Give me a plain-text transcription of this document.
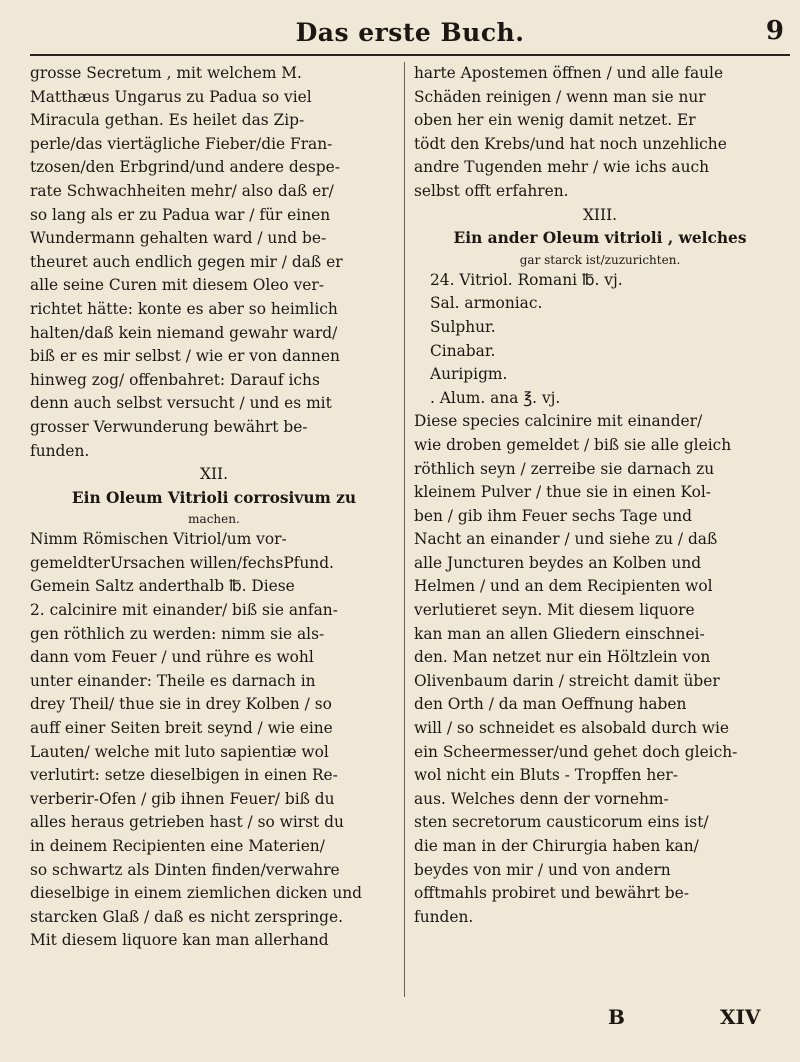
Das erste Buch.	9
grosse Secretum , mit welchem M.
Matthæus Ungarus zu Padua so viel
Miracula gethan. Es heilet das Zip-
perle/das viertägliche Fieber/die Fran-
tzosen/den Erbgrind/und andere despe-
rate Schwachheiten mehr/ also daß er/
so lang als er zu Padua war / für einen
Wundermann gehalten ward / und be-
theuret auch endlich gegen mir / daß er
alle seine Curen mit diesem Oleo ver-
richtet hätte: konte es aber so heimlich
halten/daß kein niemand gewahr ward/
biß er es mir selbst / wie er von dannen
hinweg zog/ offenbahret: Darauf ichs
denn auch selbst versucht / und es mit
grosser Verwunderung bewährt be-
funden.
XII.
Ein Oleum Vitrioli corrosivum zu
machen.
Nimm Römischen Vitriol/um vor-
gemeldterUrsachen willen/fechsPfund.
Gemein Saltz anderthalb ℔. Diese
2. calcinire mit einander/ biß sie anfan-
gen röthlich zu werden: nimm sie als-
dann vom Feuer / und rühre es wohl
unter einander: Theile es darnach in
drey Theil/ thue sie in drey Kolben / so
auff einer Seiten breit seynd / wie eine
Lauten/ welche mit luto sapientiæ wol
verlutirt: setze dieselbigen in einen Re-
verberir-Ofen / gib ihnen Feuer/ biß du
alles heraus getrieben hast / so wirst du
in deinem Recipienten eine Materien/
so schwartz als Dinten finden/verwahre
dieselbige in einem ziemlichen dicken und
starcken Glaß / daß es nicht zerspringe.
Mit diesem liquore kan man allerhand
harte Apostemen öffnen / und alle faule
Schäden reinigen / wenn man sie nur
oben her ein wenig damit netzet. Er
tödt den Krebs/und hat noch unzehliche
andre Tugenden mehr / wie ichs auch
selbst offt erfahren.
XIII.
Ein ander Oleum vitrioli , welches
gar starck ist/zuzurichten.
24. Vitriol. Romani ℔. vj.
Sal. armoniac.
Sulphur.
Cinabar.
Auripigm.
. Alum. ana ℥. vj.
Diese species calcinire mit einander/
wie droben gemeldet / biß sie alle gleich
röthlich seyn / zerreibe sie darnach zu
kleinem Pulver / thue sie in einen Kol-
ben / gib ihm Feuer sechs Tage und
Nacht an einander / und siehe zu / daß
alle Juncturen beydes an Kolben und
Helmen / und an dem Recipienten wol
verlutieret seyn. Mit diesem liquore
kan man an allen Gliedern einschnei-
den. Man netzet nur ein Höltzlein von
Olivenbaum darin / streicht damit über
den Orth / da man Oeffnung haben
will / so schneidet es alsobald durch wie
ein Scheermesser/und gehet doch gleich-
wol nicht ein Bluts - Tropffen her-
aus. Welches denn der vornehm-
sten secretorum causticorum eins ist/
die man in der Chirurgia haben kan/
beydes von mir / und von andern
offtmahls probiret und bewährt be-
funden.
B	XIV
